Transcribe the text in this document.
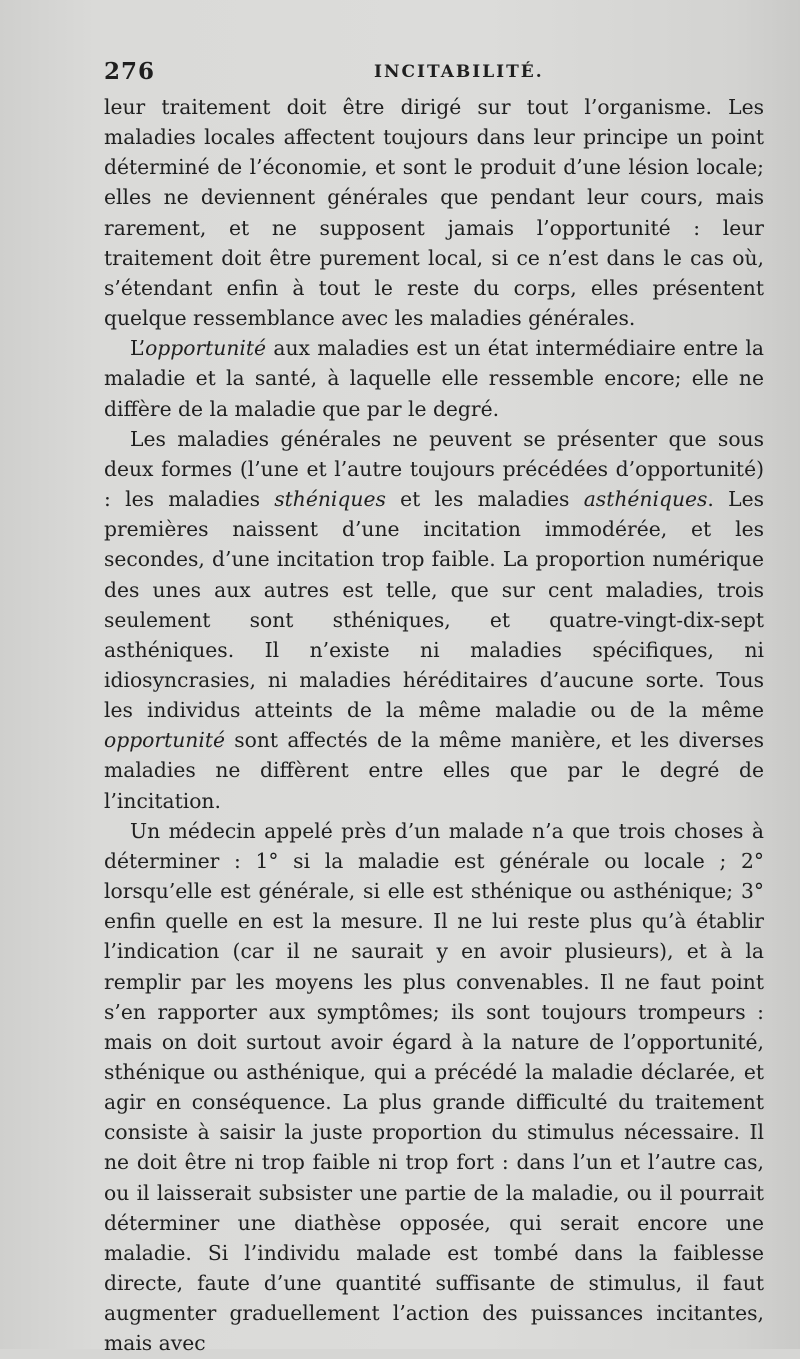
276	INCITABILITÉ.

leur traitement doit être dirigé sur tout l’organisme. Les maladies locales affectent toujours dans leur principe un point déterminé de l’économie, et sont le produit d’une lésion locale; elles ne deviennent générales que pendant leur cours, mais rarement, et ne supposent jamais l’opportunité : leur traitement doit être purement local, si ce n’est dans le cas où, s’étendant enfin à tout le reste du corps, elles présentent quelque ressemblance avec les maladies générales.

L’opportunité aux maladies est un état intermédiaire entre la maladie et la santé, à laquelle elle ressemble encore; elle ne diffère de la maladie que par le degré.

Les maladies générales ne peuvent se présenter que sous deux formes (l’une et l’autre toujours précédées d’opportunité) : les maladies sthéniques et les maladies asthéniques. Les premières naissent d’une incitation immodérée, et les secondes, d’une incitation trop faible. La proportion numérique des unes aux autres est telle, que sur cent maladies, trois seulement sont sthéniques, et quatre-vingt-dix-sept asthéniques. Il n’existe ni maladies spécifiques, ni idiosyncrasies, ni maladies héréditaires d’aucune sorte. Tous les individus atteints de la même maladie ou de la même opportunité sont affectés de la même manière, et les diverses maladies ne diffèrent entre elles que par le degré de l’incitation.

Un médecin appelé près d’un malade n’a que trois choses à déterminer : 1° si la maladie est générale ou locale ; 2° lorsqu’elle est générale, si elle est sthénique ou asthénique; 3° enfin quelle en est la mesure. Il ne lui reste plus qu’à établir l’indication (car il ne saurait y en avoir plusieurs), et à la remplir par les moyens les plus convenables. Il ne faut point s’en rapporter aux symptômes; ils sont toujours trompeurs : mais on doit surtout avoir égard à la nature de l’opportunité, sthénique ou asthénique, qui a précédé la maladie déclarée, et agir en conséquence. La plus grande difficulté du traitement consiste à saisir la juste proportion du stimulus nécessaire. Il ne doit être ni trop faible ni trop fort : dans l’un et l’autre cas, ou il laisserait subsister une partie de la maladie, ou il pourrait déterminer une diathèse opposée, qui serait encore une maladie. Si l’individu malade est tombé dans la faiblesse directe, faute d’une quantité suffisante de stimulus, il faut augmenter graduellement l’action des puissances incitantes, mais avec
